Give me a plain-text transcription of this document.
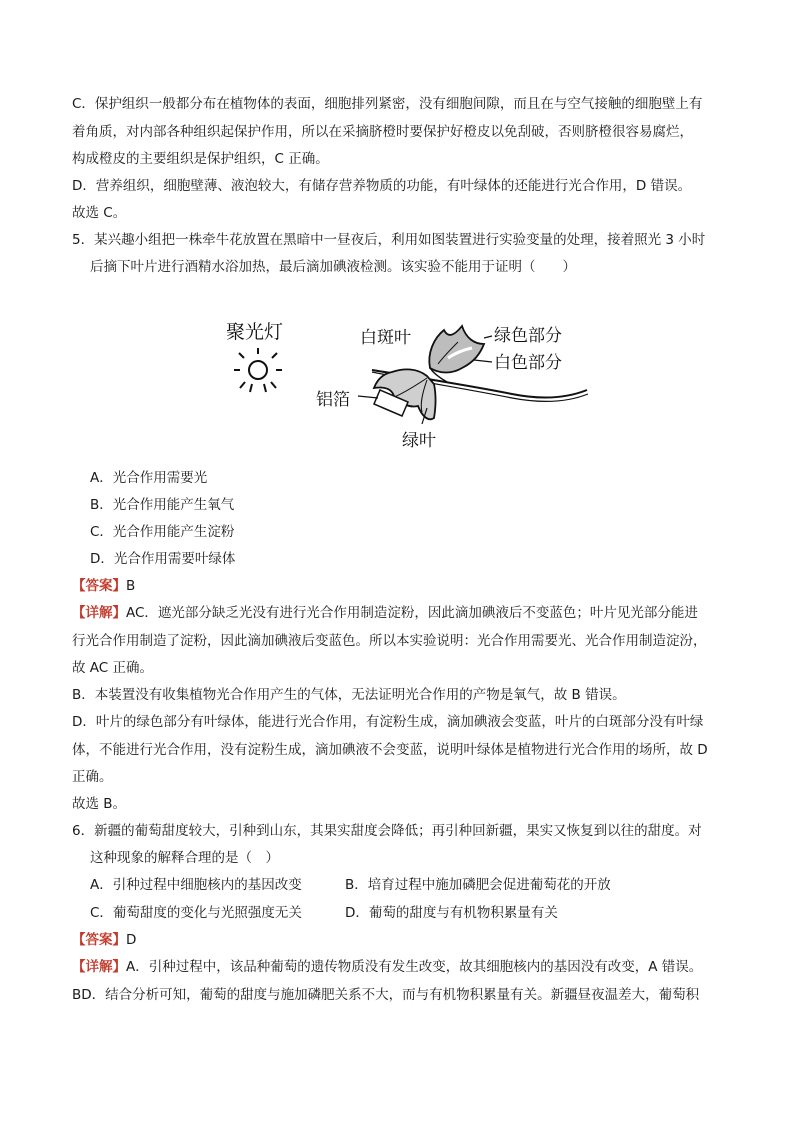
C．保护组织一般都分布在植物体的表面，细胞排列紧密，没有细胞间隙，而且在与空气接触的细胞壁上有
着角质，对内部各种组织起保护作用，所以在采摘脐橙时要保护好橙皮以免刮破，否则脐橙很容易腐烂，
构成橙皮的主要组织是保护组织，C 正确。
D．营养组织，细胞壁薄、液泡较大，有储存营养物质的功能，有叶绿体的还能进行光合作用，D 错误。
故选 C。
5．某兴趣小组把一株牵牛花放置在黑暗中一昼夜后，利用如图装置进行实验变量的处理，接着照光 3 小时
后摘下叶片进行酒精水浴加热，最后滴加碘液检测。该实验不能用于证明（　　）
聚光灯	白斑叶	绿色部分
白色部分
铝箔
绿叶
A．光合作用需要光
B．光合作用能产生氧气
C．光合作用能产生淀粉
D．光合作用需要叶绿体
【答案】B
【详解】AC．遮光部分缺乏光没有进行光合作用制造淀粉，因此滴加碘液后不变蓝色；叶片见光部分能进
行光合作用制造了淀粉，因此滴加碘液后变蓝色。所以本实验说明：光合作用需要光、光合作用制造淀汾，
故 AC 正确。
B．本装置没有收集植物光合作用产生的气体，无法证明光合作用的产物是氧气，故 B 错误。
D．叶片的绿色部分有叶绿体，能进行光合作用，有淀粉生成，滴加碘液会变蓝，叶片的白斑部分没有叶绿
体，不能进行光合作用，没有淀粉生成，滴加碘液不会变蓝，说明叶绿体是植物进行光合作用的场所，故 D
正确。
故选 B。
6．新疆的葡萄甜度较大，引种到山东，其果实甜度会降低；再引种回新疆，果实又恢复到以往的甜度。对
这种现象的解释合理的是（　）
A．引种过程中细胞核内的基因改变	B．培育过程中施加磷肥会促进葡萄花的开放
C．葡萄甜度的变化与光照强度无关	D．葡萄的甜度与有机物积累量有关
【答案】D
【详解】A．引种过程中，该品种葡萄的遗传物质没有发生改变，故其细胞核内的基因没有改变，A 错误。
BD．结合分析可知，葡萄的甜度与施加磷肥关系不大，而与有机物积累量有关。新疆昼夜温差大，葡萄积
